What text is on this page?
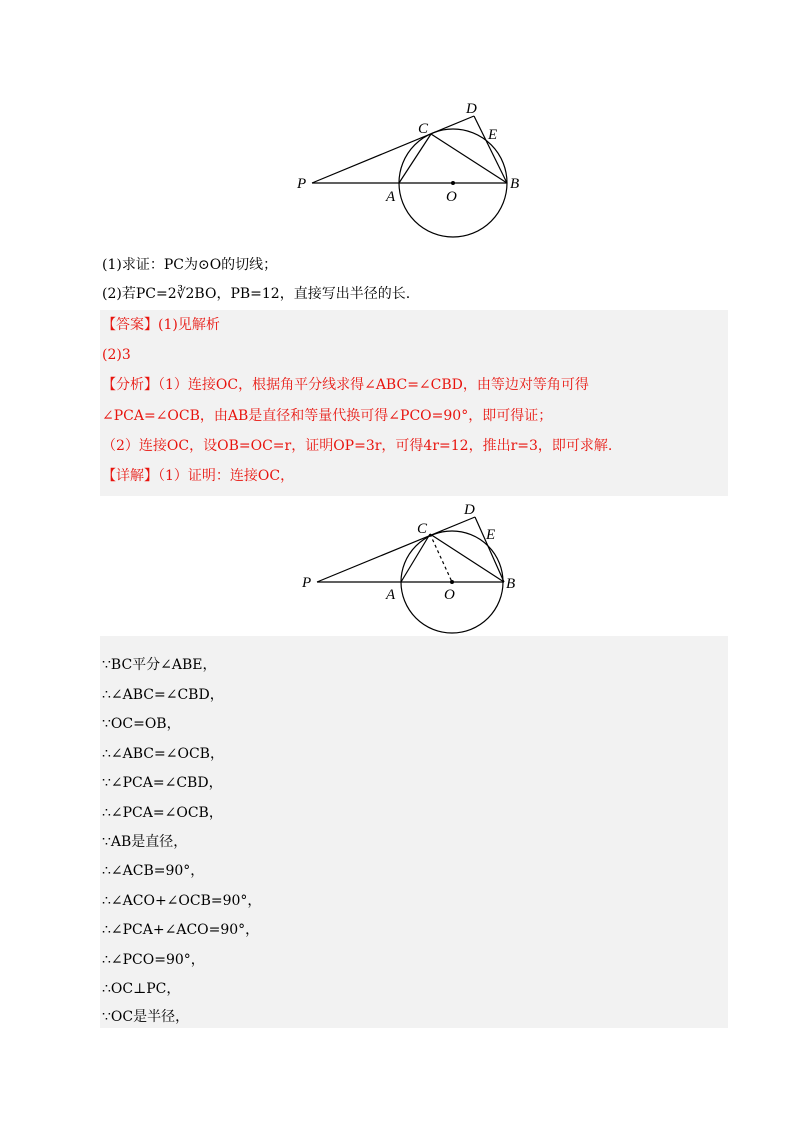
P
A	O
B
C
D
E
(1)求证：PC为⊙O的切线；
(2)若PC=2∛2BO，PB=12，直接写出半径的长.
【答案】(1)见解析
(2)3
【分析】（1）连接OC，根据角平分线求得∠ABC=∠CBD，由等边对等角可得
∠PCA=∠OCB，由AB是直径和等量代换可得∠PCO=90°，即可得证；
（2）连接OC，设OB=OC=r，证明OP=3r，可得4r=12，推出r=3，即可求解.
【详解】（1）证明：连接OC，
P
A	O
B
C
D
E
∵BC平分∠ABE，
∴∠ABC=∠CBD，
∵OC=OB，
∴∠ABC=∠OCB，
∵∠PCA=∠CBD，
∴∠PCA=∠OCB，
∵AB是直径，
∴∠ACB=90°，
∴∠ACO+∠OCB=90°，
∴∠PCA+∠ACO=90°，
∴∠PCO=90°，
∴OC⊥PC，
∵OC是半径，
